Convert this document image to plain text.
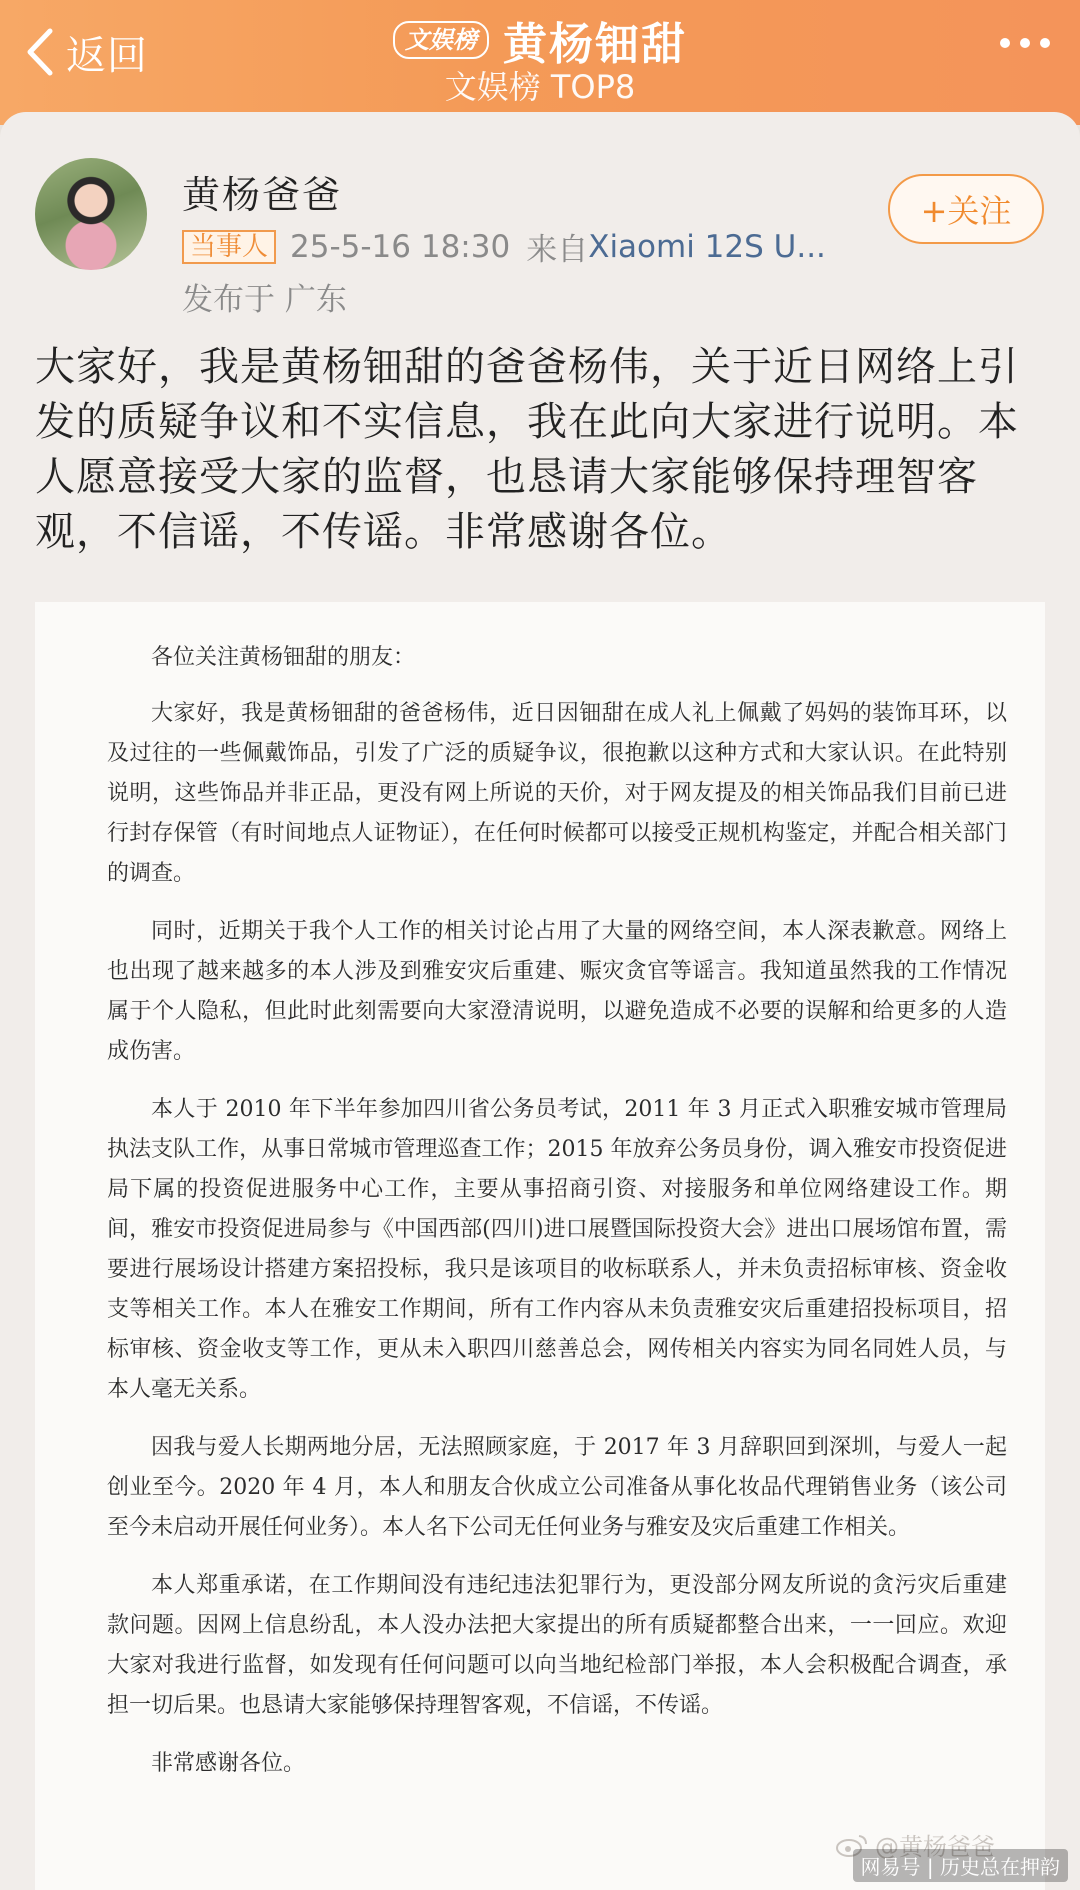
返回	文娱榜 黄杨钿甜
文娱榜 TOP8
黄杨爸爸
当事人 25-5-16 18:30 来自 Xiaomi 12S U...
发布于 广东
+关注
大家好，我是黄杨钿甜的爸爸杨伟，关于近日网络上引发的质疑争议和不实信息，我在此向大家进行说明。本人愿意接受大家的监督，也恳请大家能够保持理智客观，不信谣，不传谣。非常感谢各位。

各位关注黄杨钿甜的朋友：

大家好，我是黄杨钿甜的爸爸杨伟，近日因钿甜在成人礼上佩戴了妈妈的装饰耳环，以及过往的一些佩戴饰品，引发了广泛的质疑争议，很抱歉以这种方式和大家认识。在此特别说明，这些饰品并非正品，更没有网上所说的天价，对于网友提及的相关饰品我们目前已进行封存保管（有时间地点人证物证），在任何时候都可以接受正规机构鉴定，并配合相关部门的调查。

同时，近期关于我个人工作的相关讨论占用了大量的网络空间，本人深表歉意。网络上也出现了越来越多的本人涉及到雅安灾后重建、赈灾贪官等谣言。我知道虽然我的工作情况属于个人隐私，但此时此刻需要向大家澄清说明，以避免造成不必要的误解和给更多的人造成伤害。

本人于 2010 年下半年参加四川省公务员考试，2011 年 3 月正式入职雅安城市管理局执法支队工作，从事日常城市管理巡查工作；2015 年放弃公务员身份，调入雅安市投资促进局下属的投资促进服务中心工作，主要从事招商引资、对接服务和单位网络建设工作。期间，雅安市投资促进局参与《中国西部(四川)进口展暨国际投资大会》进出口展场馆布置，需要进行展场设计搭建方案招投标，我只是该项目的收标联系人，并未负责招标审核、资金收支等相关工作。本人在雅安工作期间，所有工作内容从未负责雅安灾后重建招投标项目，招标审核、资金收支等工作，更从未入职四川慈善总会，网传相关内容实为同名同姓人员，与本人毫无关系。

因我与爱人长期两地分居，无法照顾家庭，于 2017 年 3 月辞职回到深圳，与爱人一起创业至今。2020 年 4 月，本人和朋友合伙成立公司准备从事化妆品代理销售业务（该公司至今未启动开展任何业务）。本人名下公司无任何业务与雅安及灾后重建工作相关。

本人郑重承诺，在工作期间没有违纪违法犯罪行为，更没部分网友所说的贪污灾后重建款问题。因网上信息纷乱，本人没办法把大家提出的所有质疑都整合出来，一一回应。欢迎大家对我进行监督，如发现有任何问题可以向当地纪检部门举报，本人会积极配合调查，承担一切后果。也恳请大家能够保持理智客观，不信谣，不传谣。

非常感谢各位。

@黄杨爸爸
网易号 | 历史总在押韵
